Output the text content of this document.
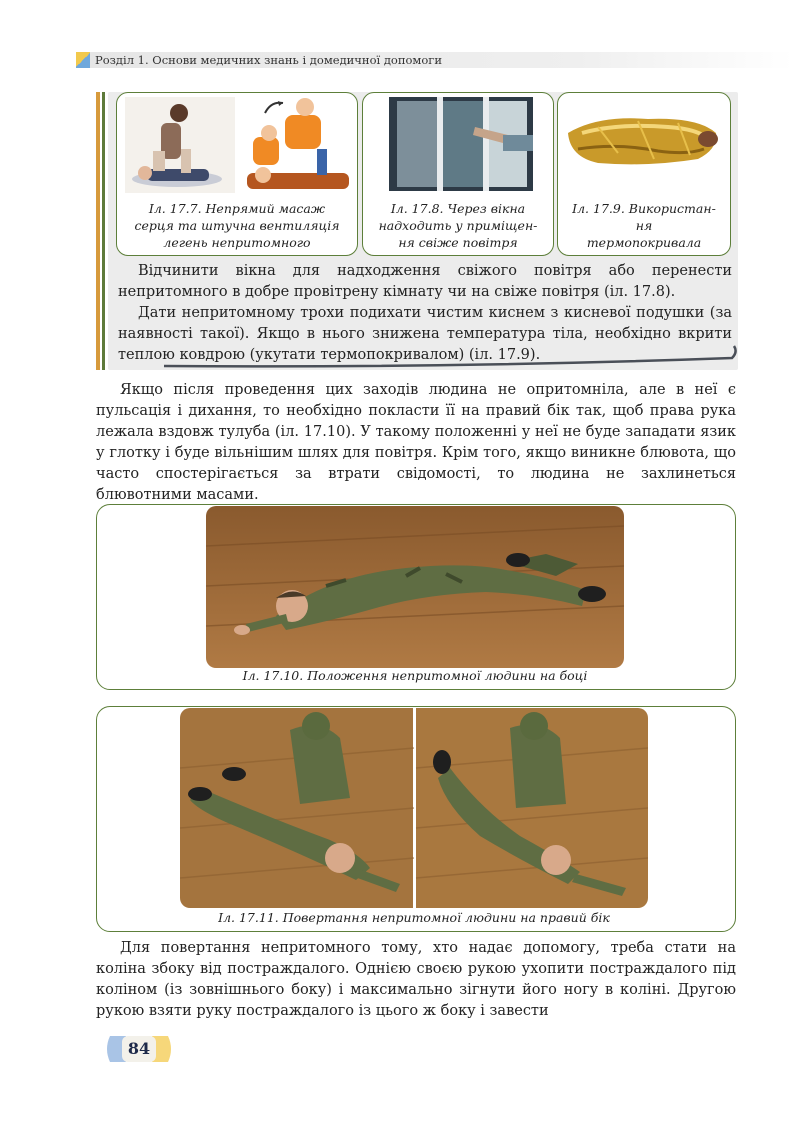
Розділ 1. Основи медичних знань і домедичної допомоги
Іл. 17.7. Непрямий масаж
серця та штучна вентиляція
легень непритомного
Іл. 17.8. Через вікна
надходить у приміщен-
ня свіже повітря
Іл. 17.9. Використан-
ня
термопокривала

Відчинити вікна для надходження свіжого повітря або перенести непритомного в добре провітрену кімнату чи на свіже повітря (іл. 17.8).

Дати непритомному трохи подихати чистим киснем з кисневої подушки (за наявності такої). Якщо в нього знижена температура тіла, необхідно вкрити теплою ковдрою (укутати термопокривалом) (іл. 17.9).

Якщо після проведення цих заходів людина не опритомніла, але в неї є пульсація і дихання, то необхідно покласти її на правий бік так, щоб права рука лежала вздовж тулуба (іл. 17.10). У такому положенні у неї не буде западати язик у глотку і буде вільнішим шлях для повітря. Крім того, якщо виникне блювота, що часто спостерігається за втрати свідомості, то людина не захлинеться блювотними масами.

Іл. 17.10. Положення непритомної людини на боці
Іл. 17.11. Повертання непритомної людини на правий бік

Для повертання непритомного тому, хто надає допомогу, треба стати на коліна збоку від постраждалого. Однією своєю рукою ухопити постраждалого під коліном (із зовнішнього боку) і максимально зігнути його ногу в коліні. Другою рукою взяти руку постраждалого із цього ж боку і завести

84
